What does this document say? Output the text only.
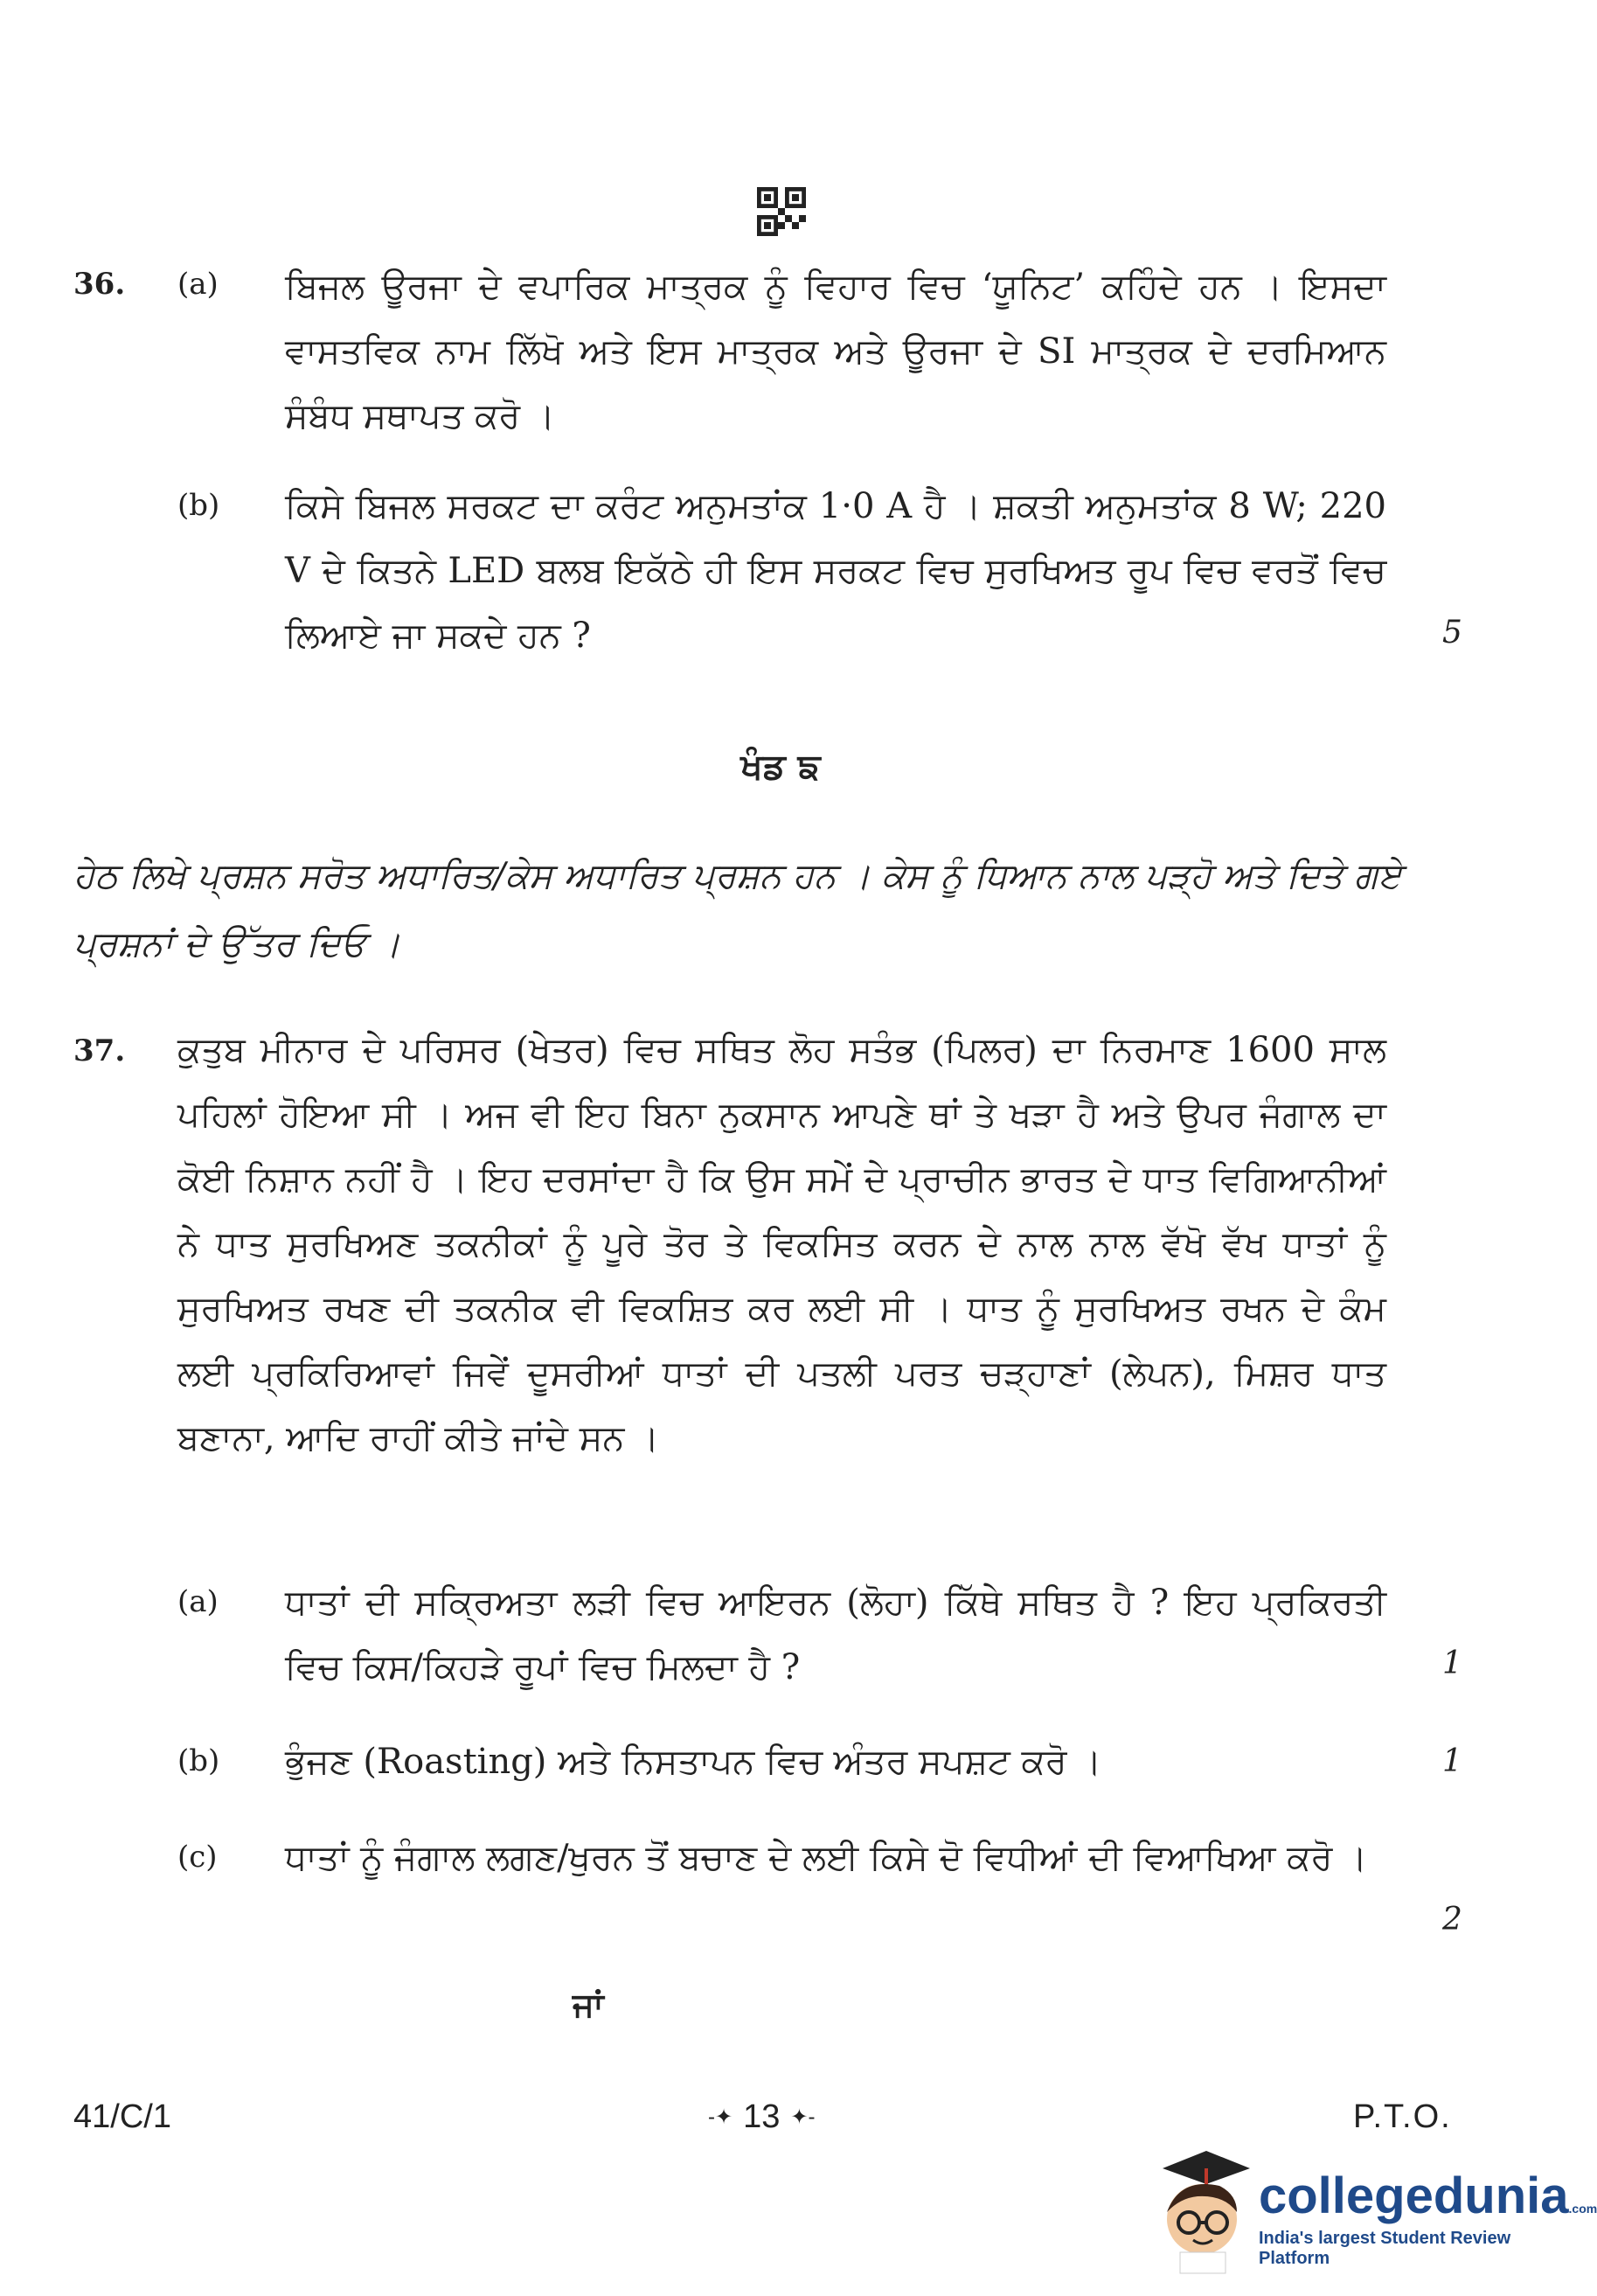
36. (a) ਬਿਜਲ ਊਰਜਾ ਦੇ ਵਪਾਰਿਕ ਮਾਤ੍ਰਕ ਨੂੰ ਵਿਹਾਰ ਵਿਚ ‘ਯੂਨਿਟ’ ਕਹਿੰਦੇ ਹਨ । ਇਸਦਾ ਵਾਸਤਵਿਕ ਨਾਮ ਲਿੱਖੋ ਅਤੇ ਇਸ ਮਾਤ੍ਰਕ ਅਤੇ ਊਰਜਾ ਦੇ SI ਮਾਤ੍ਰਕ ਦੇ ਦਰਮਿਆਨ ਸੰਬੰਧ ਸਥਾਪਤ ਕਰੋ ।
(b) ਕਿਸੇ ਬਿਜਲ ਸਰਕਟ ਦਾ ਕਰੰਟ ਅਨੁਮਤਾਂਕ 1·0 A ਹੈ । ਸ਼ਕਤੀ ਅਨੁਮਤਾਂਕ 8 W; 220 V ਦੇ ਕਿਤਨੇ LED ਬਲਬ ਇਕੱਠੇ ਹੀ ਇਸ ਸਰਕਟ ਵਿਚ ਸੁਰਖਿਅਤ ਰੂਪ ਵਿਚ ਵਰਤੋਂ ਵਿਚ ਲਿਆਏ ਜਾ ਸਕਦੇ ਹਨ ?	5
ਖੰਡ ਙ
ਹੇਠ ਲਿਖੇ ਪ੍ਰਸ਼ਨ ਸਰੋਤ ਅਧਾਰਿਤ/ਕੇਸ ਅਧਾਰਿਤ ਪ੍ਰਸ਼ਨ ਹਨ । ਕੇਸ ਨੂੰ ਧਿਆਨ ਨਾਲ ਪੜ੍ਹੋ ਅਤੇ ਦਿਤੇ ਗਏ ਪ੍ਰਸ਼ਨਾਂ ਦੇ ਉੱਤਰ ਦਿਓ ।
37. ਕੁਤੁਬ ਮੀਨਾਰ ਦੇ ਪਰਿਸਰ (ਖੇਤਰ) ਵਿਚ ਸਥਿਤ ਲੋਹ ਸਤੰਭ (ਪਿਲਰ) ਦਾ ਨਿਰਮਾਣ 1600 ਸਾਲ ਪਹਿਲਾਂ ਹੋਇਆ ਸੀ । ਅਜ ਵੀ ਇਹ ਬਿਨਾ ਨੁਕਸਾਨ ਆਪਣੇ ਥਾਂ ਤੇ ਖੜਾ ਹੈ ਅਤੇ ਉਪਰ ਜੰਗਾਲ ਦਾ ਕੋਈ ਨਿਸ਼ਾਨ ਨਹੀਂ ਹੈ । ਇਹ ਦਰਸਾਂਦਾ ਹੈ ਕਿ ਉਸ ਸਮੇਂ ਦੇ ਪ੍ਰਾਚੀਨ ਭਾਰਤ ਦੇ ਧਾਤ ਵਿਗਿਆਨੀਆਂ ਨੇ ਧਾਤ ਸੁਰਖਿਅਣ ਤਕਨੀਕਾਂ ਨੂੰ ਪੂਰੇ ਤੋਰ ਤੇ ਵਿਕਸਿਤ ਕਰਨ ਦੇ ਨਾਲ ਨਾਲ ਵੱਖੋ ਵੱਖ ਧਾਤਾਂ ਨੂੰ ਸੁਰਖਿਅਤ ਰਖਣ ਦੀ ਤਕਨੀਕ ਵੀ ਵਿਕਸ਼ਿਤ ਕਰ ਲਈ ਸੀ । ਧਾਤ ਨੂੰ ਸੁਰਖਿਅਤ ਰਖਨ ਦੇ ਕੰਮ ਲਈ ਪ੍ਰਕਿਰਿਆਵਾਂ ਜਿਵੇਂ ਦੂਸਰੀਆਂ ਧਾਤਾਂ ਦੀ ਪਤਲੀ ਪਰਤ ਚੜ੍ਹਾਣਾਂ (ਲੇਪਨ), ਮਿਸ਼ਰ ਧਾਤ ਬਣਾਨਾ, ਆਦਿ ਰਾਹੀਂ ਕੀਤੇ ਜਾਂਦੇ ਸਨ ।
(a) ਧਾਤਾਂ ਦੀ ਸਕ੍ਰਿਅਤਾ ਲੜੀ ਵਿਚ ਆਇਰਨ (ਲੋਹਾ) ਕਿੱਥੇ ਸਥਿਤ ਹੈ ? ਇਹ ਪ੍ਰਕਿਰਤੀ ਵਿਚ ਕਿਸ/ਕਿਹੜੇ ਰੂਪਾਂ ਵਿਚ ਮਿਲਦਾ ਹੈ ?	1
(b) ਭੁੰਜਣ (Roasting) ਅਤੇ ਨਿਸਤਾਪਨ ਵਿਚ ਅੰਤਰ ਸਪਸ਼ਟ ਕਰੋ ।	1
(c) ਧਾਤਾਂ ਨੂੰ ਜੰਗਾਲ ਲਗਣ/ਖੁਰਨ ਤੋਂ ਬਚਾਣ ਦੇ ਲਈ ਕਿਸੇ ਦੋ ਵਿਧੀਆਂ ਦੀ ਵਿਆਖਿਆ ਕਰੋ ।
2
ਜਾਂ
41/C/1	-✦ 13 ✦-	P.T.O.
collegedunia.com
India's largest Student Review Platform
